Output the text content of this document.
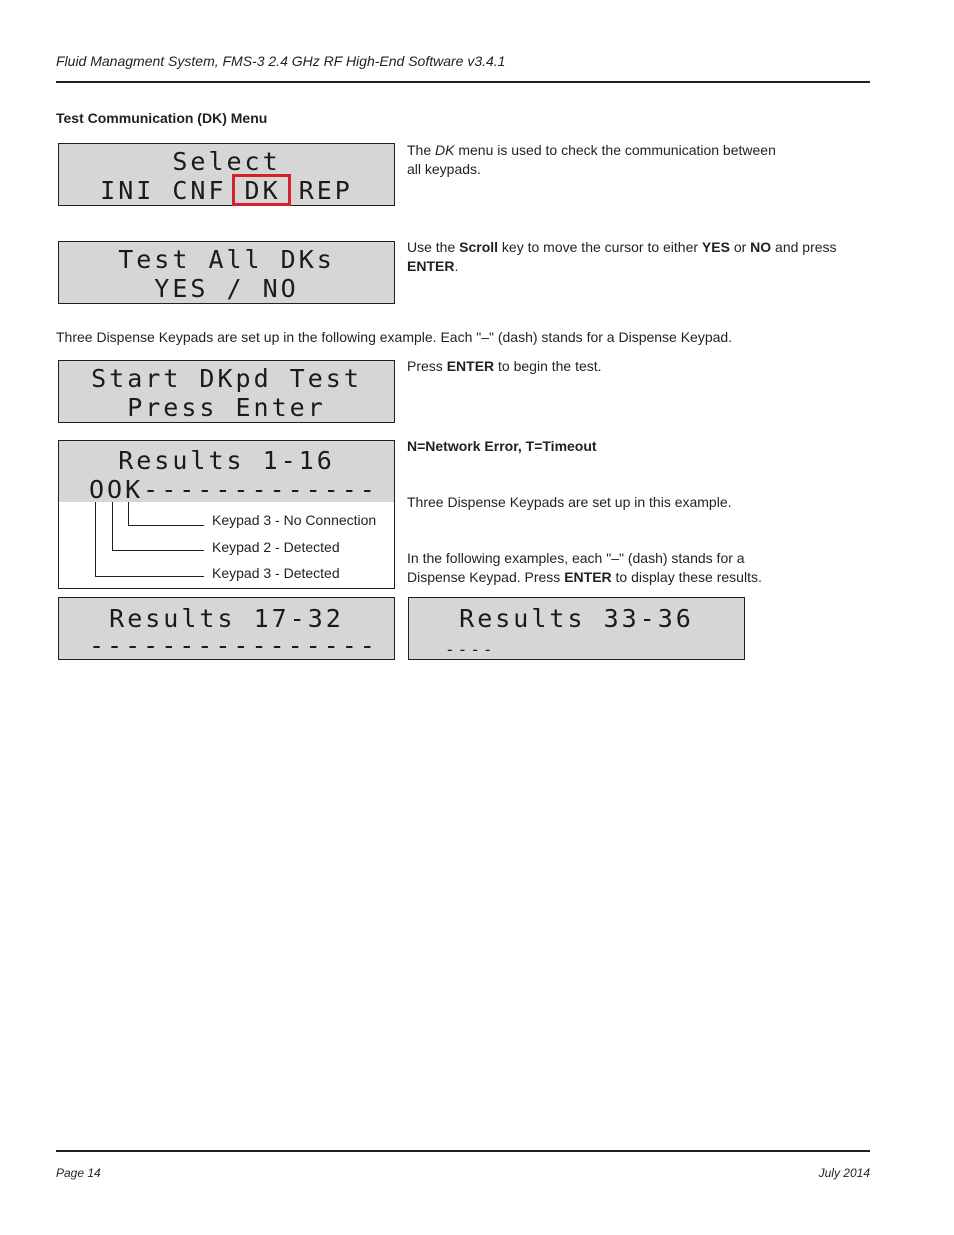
Fluid Managment System, FMS-3 2.4 GHz RF High-End Software v3.4.1
Test Communication (DK) Menu
Select
INI CNF DK REP
The DK menu is used to check the communication between
all keypads.
Test All DKs
YES / NO
Use the Scroll key to move the cursor to either YES or NO and press
ENTER.
Three Dispense Keypads are set up in the following example. Each "–" (dash) stands for a Dispense Keypad.
Start DKpd Test
Press Enter
Press ENTER to begin the test.
Results 1-16
OOK-------------
Keypad 3 - No Connection
Keypad 2 - Detected
Keypad 3 - Detected
N=Network Error, T=Timeout
Three Dispense Keypads are set up in this example.
In the following examples, each "–" (dash) stands for a
Dispense Keypad. Press ENTER to display these results.
Results 17-32
----------------
Results 33-36
----
Page 14	July 2014
